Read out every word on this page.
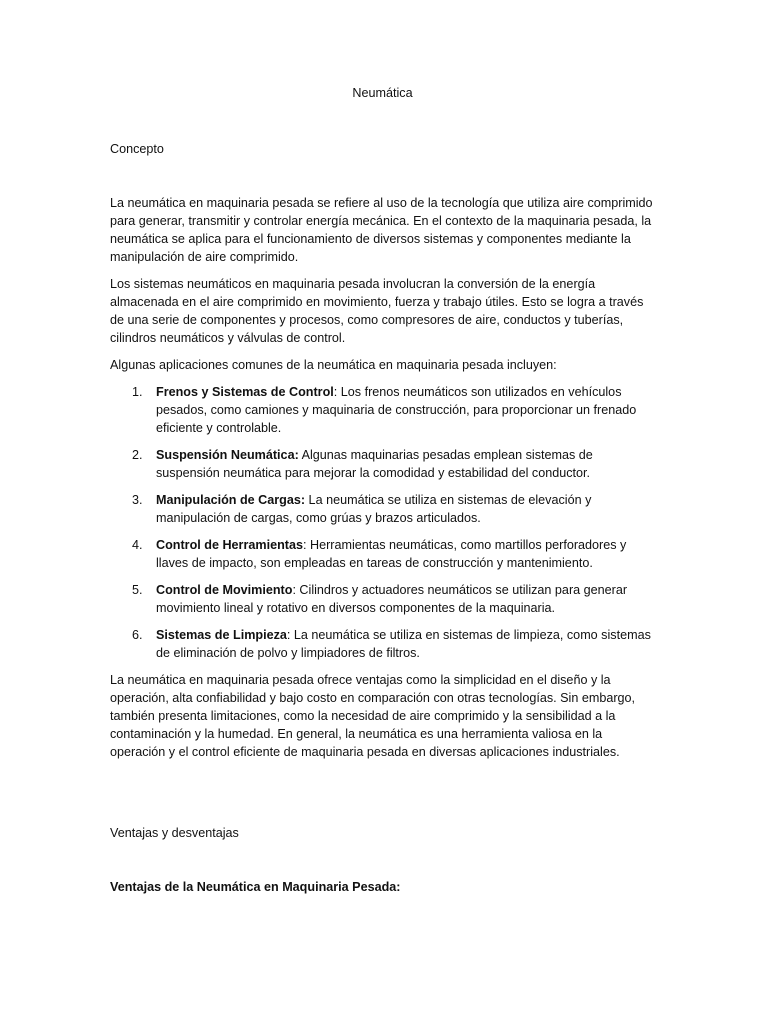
Neumática
Concepto

La neumática en maquinaria pesada se refiere al uso de la tecnología que utiliza aire comprimido para generar, transmitir y controlar energía mecánica. En el contexto de la maquinaria pesada, la neumática se aplica para el funcionamiento de diversos sistemas y componentes mediante la manipulación de aire comprimido.

Los sistemas neumáticos en maquinaria pesada involucran la conversión de la energía almacenada en el aire comprimido en movimiento, fuerza y trabajo útiles. Esto se logra a través de una serie de componentes y procesos, como compresores de aire, conductos y tuberías, cilindros neumáticos y válvulas de control.

Algunas aplicaciones comunes de la neumática en maquinaria pesada incluyen:

1. Frenos y Sistemas de Control: Los frenos neumáticos son utilizados en vehículos pesados, como camiones y maquinaria de construcción, para proporcionar un frenado eficiente y controlable.
2. Suspensión Neumática: Algunas maquinarias pesadas emplean sistemas de suspensión neumática para mejorar la comodidad y estabilidad del conductor.
3. Manipulación de Cargas: La neumática se utiliza en sistemas de elevación y manipulación de cargas, como grúas y brazos articulados.
4. Control de Herramientas: Herramientas neumáticas, como martillos perforadores y llaves de impacto, son empleadas en tareas de construcción y mantenimiento.
5. Control de Movimiento: Cilindros y actuadores neumáticos se utilizan para generar movimiento lineal y rotativo en diversos componentes de la maquinaria.
6. Sistemas de Limpieza: La neumática se utiliza en sistemas de limpieza, como sistemas de eliminación de polvo y limpiadores de filtros.

La neumática en maquinaria pesada ofrece ventajas como la simplicidad en el diseño y la operación, alta confiabilidad y bajo costo en comparación con otras tecnologías. Sin embargo, también presenta limitaciones, como la necesidad de aire comprimido y la sensibilidad a la contaminación y la humedad. En general, la neumática es una herramienta valiosa en la operación y el control eficiente de maquinaria pesada en diversas aplicaciones industriales.

Ventajas y desventajas
Ventajas de la Neumática en Maquinaria Pesada:
